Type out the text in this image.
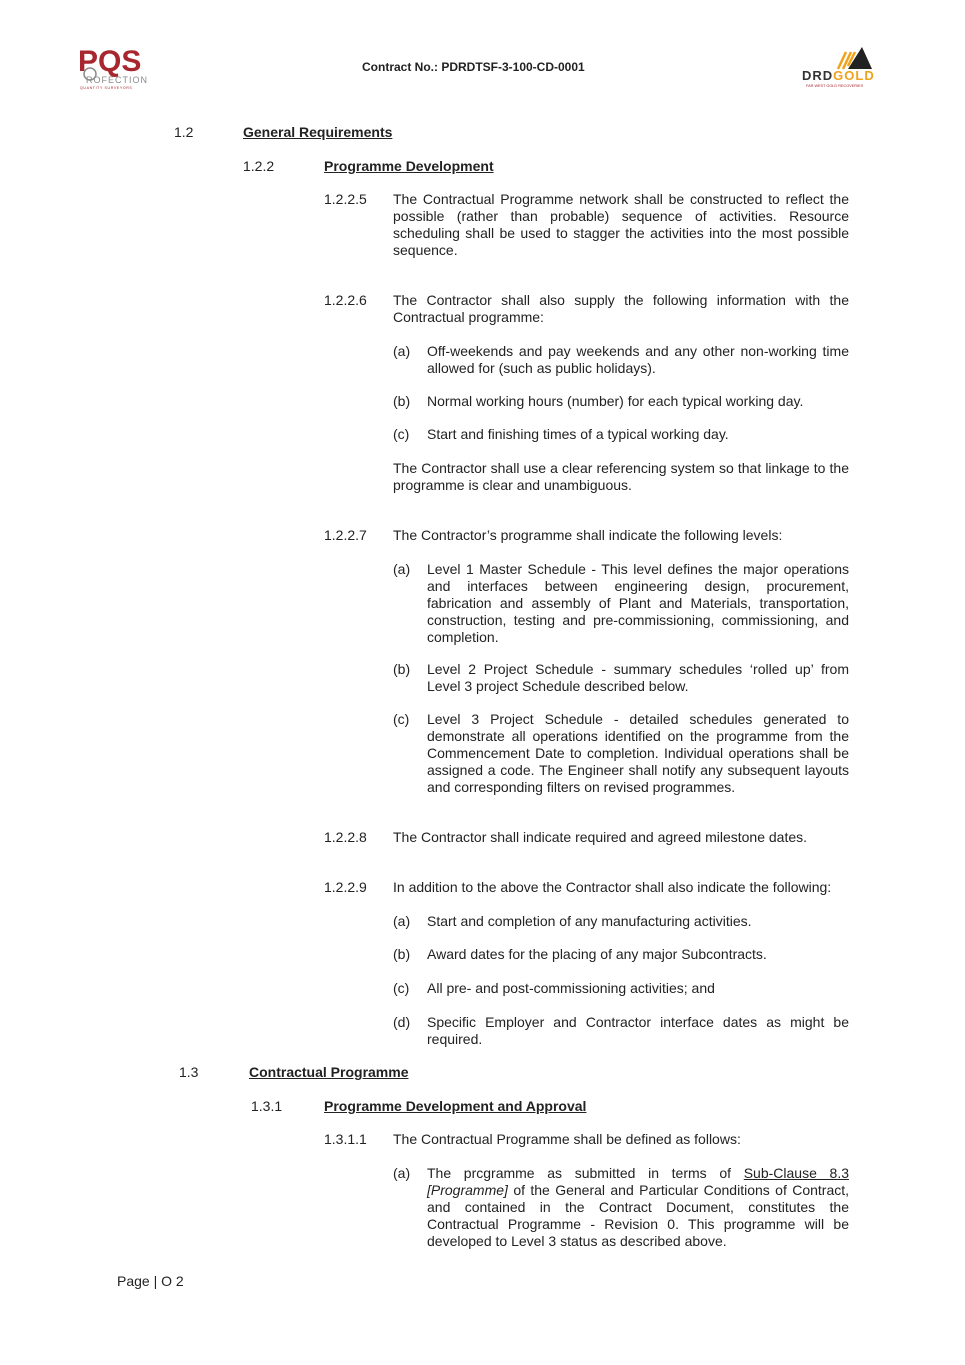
PQS
ROFECTION
QUANTITY SURVEYORS
Contract No.: PDRDTSF-3-100-CD-0001
DRDGOLD
FAR WEST GOLD RECOVERIES
1.2	General Requirements
1.2.2	Programme Development
1.2.2.5 The Contractual Programme network shall be constructed to reflect the possible (rather than probable) sequence of activities. Resource scheduling shall be used to stagger the activities into the most possible sequence.
1.2.2.6 The Contractor shall also supply the following information with the Contractual programme:
(a) Off-weekends and pay weekends and any other non-working time allowed for (such as public holidays).
(b) Normal working hours (number) for each typical working day.
(c) Start and finishing times of a typical working day.
The Contractor shall use a clear referencing system so that linkage to the programme is clear and unambiguous.
1.2.2.7 The Contractor’s programme shall indicate the following levels:
(a) Level 1 Master Schedule - This level defines the major operations and interfaces between engineering design, procurement, fabrication and assembly of Plant and Materials, transportation, construction, testing and pre-commissioning, commissioning, and completion.
(b) Level 2 Project Schedule - summary schedules ‘rolled up’ from Level 3 project Schedule described below.
(c) Level 3 Project Schedule - detailed schedules generated to demonstrate all operations identified on the programme from the Commencement Date to completion. Individual operations shall be assigned a code. The Engineer shall notify any subsequent layouts and corresponding filters on revised programmes.
1.2.2.8 The Contractor shall indicate required and agreed milestone dates.
1.2.2.9 In addition to the above the Contractor shall also indicate the following:
(a) Start and completion of any manufacturing activities.
(b) Award dates for the placing of any major Subcontracts.
(c) All pre- and post-commissioning activities; and
(d) Specific Employer and Contractor interface dates as might be required.
1.3	Contractual Programme
1.3.1	Programme Development and Approval
1.3.1.1 The Contractual Programme shall be defined as follows:
(a) The prcgramme as submitted in terms of Sub-Clause 8.3 [Programme] of the General and Particular Conditions of Contract, and contained in the Contract Document, constitutes the Contractual Programme - Revision 0. This programme will be developed to Level 3 status as described above.
Page | O 2
